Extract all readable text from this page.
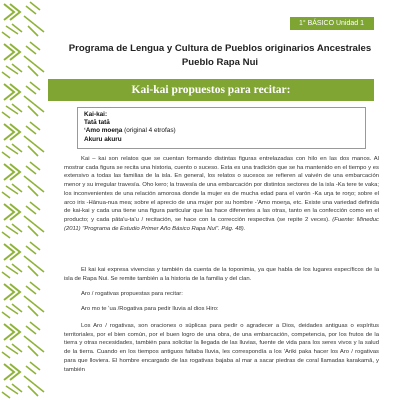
1° BÁSICO Unidad 1
Programa de Lengua y Cultura de Pueblos originarios Ancestrales
Pueblo Rapa Nui
Kai-kai propuestos para recitar:
Kai-kai:
Tatā tatā
ʻAmo moeŋa (original 4 etrofas)
Akuru akuru

Kai – kai son relatos que se cuentan formando distintas figuras entrelazadas con hilo en las dos manos. Al mostrar cada figura se recita una historia, cuento o suceso. Esta es una tradición que se ha mantenido en el tiempo y es extensivo a todas las familias de la isla. En general, los relatos o sucesos se refieren al vaivén de una embarcación menor y su irregular travesía. Oho kero; la travesía de una embarcación por distintos sectores de la isla -Ka tere te vaka; los inconvenientes de una relación amorosa donde la mujer es de mucha edad para el varón -Ka uŋa te roŋo; sobre el arco iris -Hānua-nua mea; sobre el aprecio de una mujer por su hombre -ʻAmo moeŋa, etc. Existe una variedad definida de kai-kai y cada una tiene una figura particular que las hace diferentes a las otras, tanto en la confección como en el producto; y cada pāta'u-ta'u / recitación, se hace con la corrección respectiva (se repite 2 veces). (Fuente: Mineduc (2011) "Programa de Estudio Primer Año Básico Rapa Nui". Pág. 48).

El kai kai expresa vivencias y también da cuenta de la toponimia, ya que habla de los lugares específicos de la isla de Rapa Nui. Se remite también a la historia de la familia y del clan.

Aro / rogativas propuestas para recitar:

Aro mo te ʻua /Rogativa para pedir lluvia al dios Hiro:

Los Aro / rogativas, son oraciones o súplicas para pedir o agradecer a Dios, deidades antiguas o espíritus territoriales, por el bien común, por el buen logro de una obra, de una embarcación, competencia, por los frutos de la tierra y otras necesidades, también para solicitar la llegada de las lluvias, fuente de vida para los seres vivos y la salud de la tierra. Cuando en los tiempos antiguos faltaba lluvia, les correspondía a los 'Ariki paka hacer los Aro / rogativas para que lloviera. El hombre encargado de las rogativas bajaba al mar a sacar piedras de coral llamadas karakamā, y también
